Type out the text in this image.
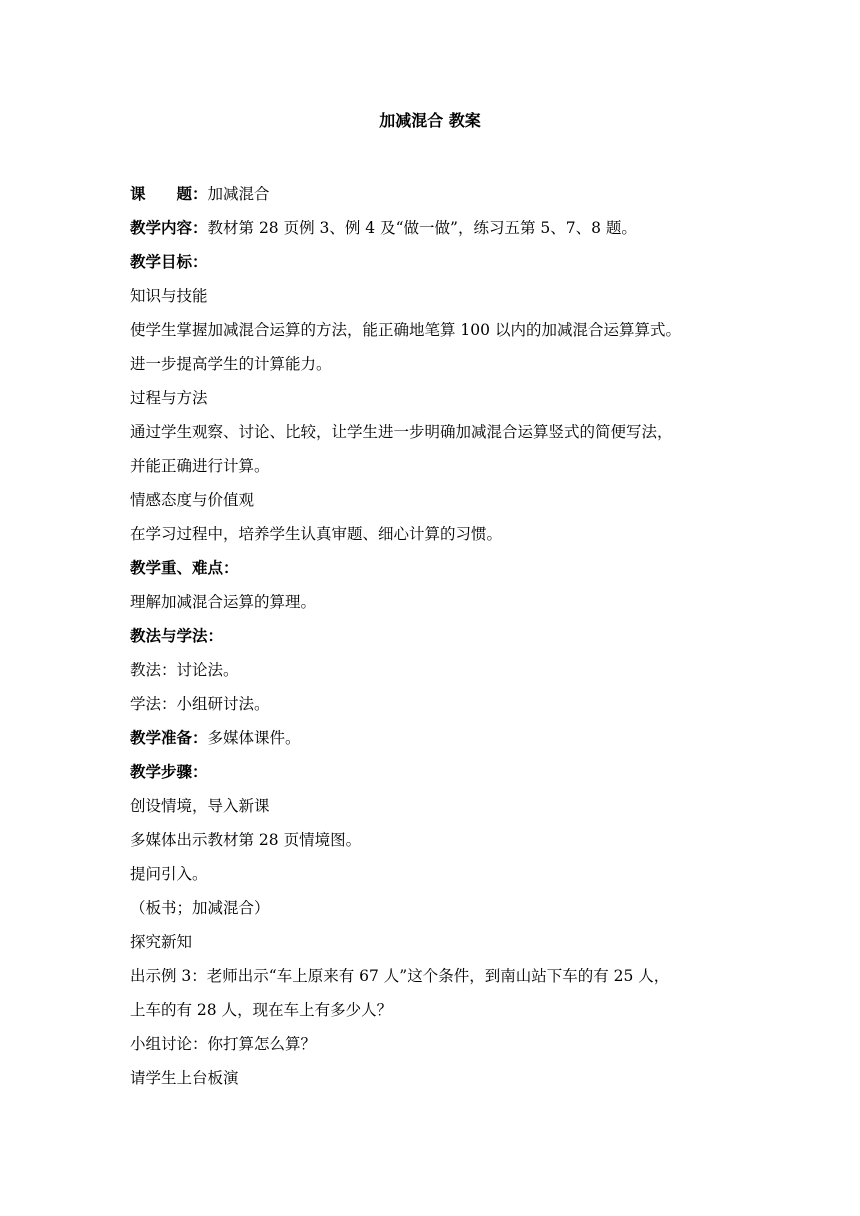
加减混合 教案
课　　题：加减混合
教学内容：教材第 28 页例 3、例 4 及“做一做”，练习五第 5、7、8 题。
教学目标：
知识与技能
使学生掌握加减混合运算的方法，能正确地笔算 100 以内的加减混合运算算式。
进一步提高学生的计算能力。
过程与方法
通过学生观察、讨论、比较，让学生进一步明确加减混合运算竖式的简便写法，
并能正确进行计算。
情感态度与价值观
在学习过程中，培养学生认真审题、细心计算的习惯。
教学重、难点：
理解加减混合运算的算理。
教法与学法：
教法：讨论法。
学法：小组研讨法。
教学准备：多媒体课件。
教学步骤：
创设情境，导入新课
多媒体出示教材第 28 页情境图。
提问引入。
（板书；加减混合）
探究新知
出示例 3：老师出示“车上原来有 67 人”这个条件，到南山站下车的有 25 人，
上车的有 28 人，现在车上有多少人？
小组讨论：你打算怎么算？
请学生上台板演
